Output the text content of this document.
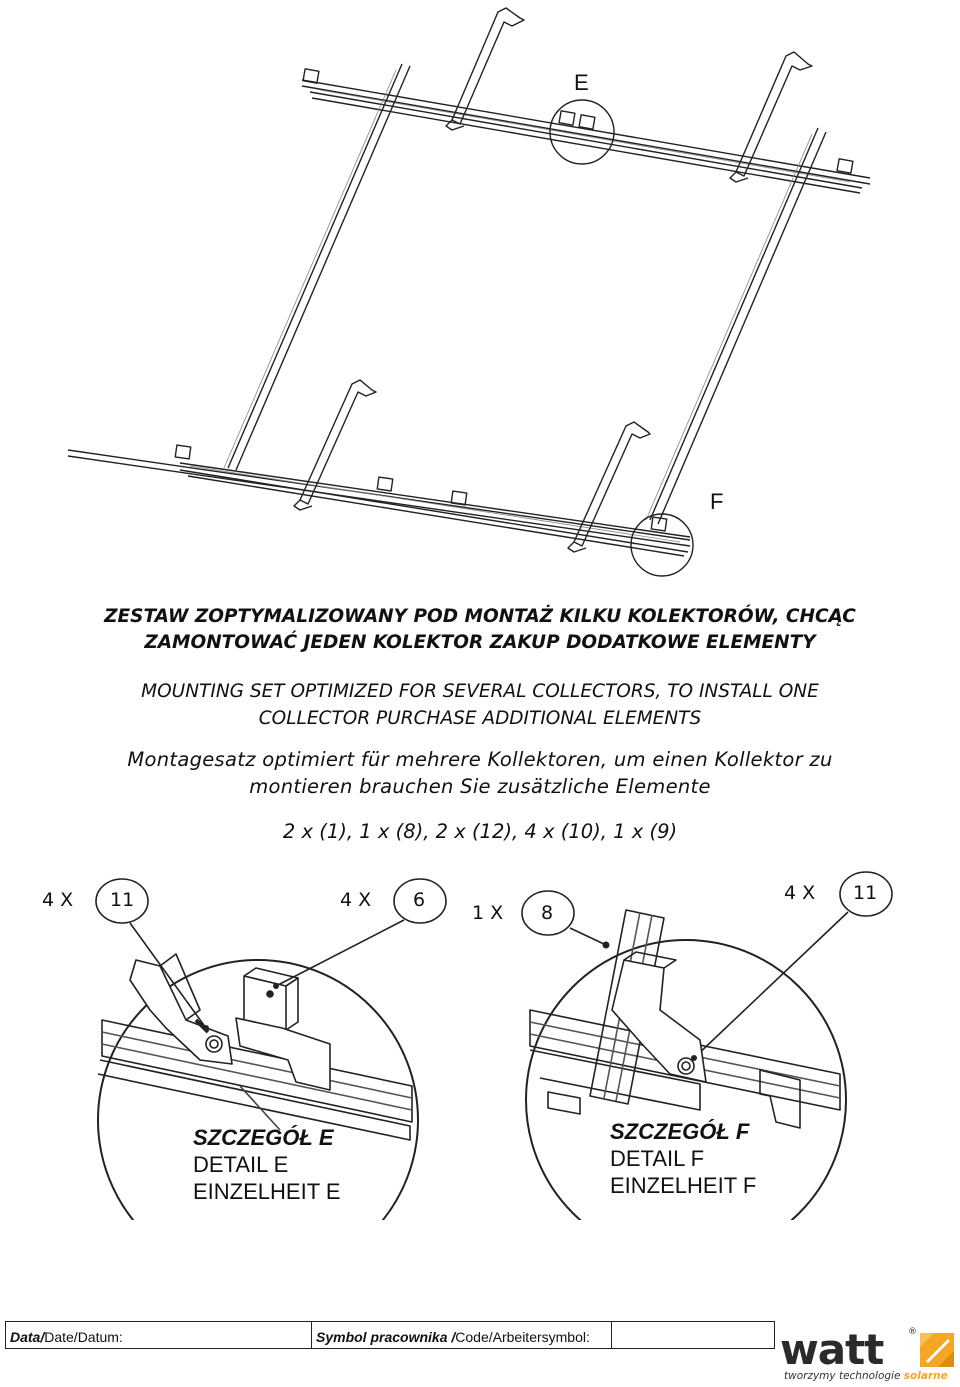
E
F
ZESTAW ZOPTYMALIZOWANY POD MONTAŻ KILKU KOLEKTORÓW, CHCĄC
ZAMONTOWAĆ JEDEN KOLEKTOR ZAKUP DODATKOWE ELEMENTY
MOUNTING SET OPTIMIZED FOR SEVERAL COLLECTORS, TO INSTALL ONE
COLLECTOR PURCHASE ADDITIONAL ELEMENTS
Montagesatz optimiert für mehrere Kollektoren, um einen Kollektor zu
montieren brauchen Sie zusätzliche Elemente
2 x (1), 1 x (8), 2 x (12), 4 x (10), 1 x (9)
4 X 11	4 X 6
1 X 8
4 X 11
SZCZEGÓŁ E
DETAIL E
EINZELHEIT E
SZCZEGÓŁ F
DETAIL F
EINZELHEIT F
Data/ Date/Datum:	Symbol pracownika / Code/Arbeitersymbol:	watt	®
tworzymy technologie solarne
